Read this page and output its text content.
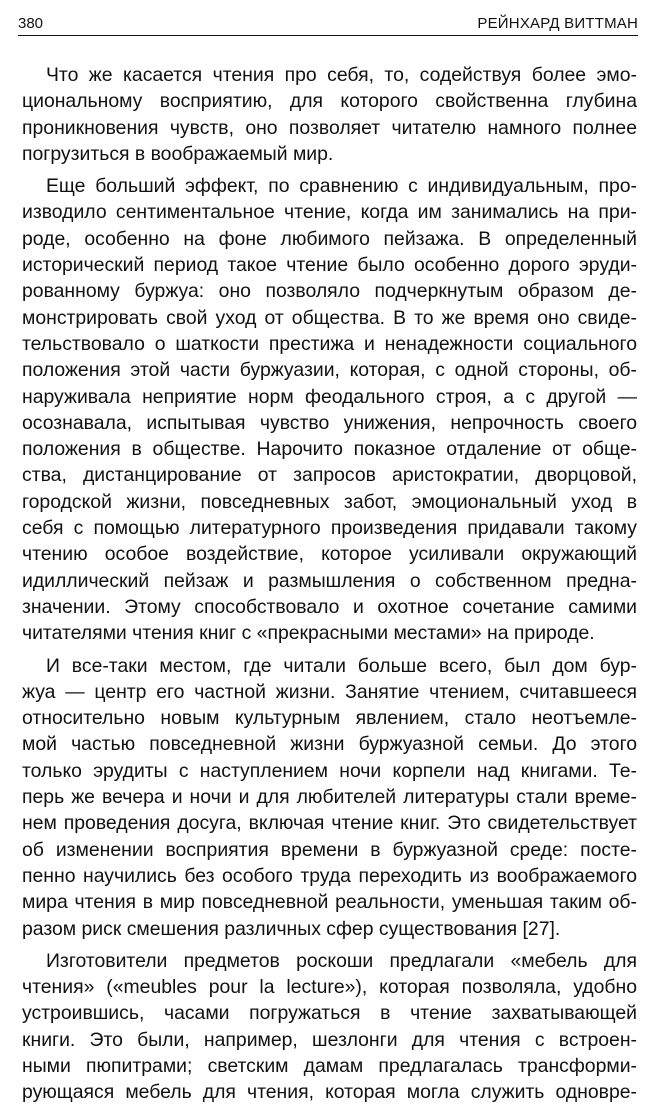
380	РЕЙНХАРД ВИТТМАН
Что же касается чтения про себя, то, содействуя более эмо-
циональному восприятию, для которого свойственна глубина
проникновения чувств, оно позволяет читателю намного полнее
погрузиться в воображаемый мир.
Еще больший эффект, по сравнению с индивидуальным, про-
изводило сентиментальное чтение, когда им занимались на при-
роде, особенно на фоне любимого пейзажа. В определенный
исторический период такое чтение было особенно дорого эруди-
рованному буржуа: оно позволяло подчеркнутым образом де-
монстрировать свой уход от общества. В то же время оно свиде-
тельствовало о шаткости престижа и ненадежности социального
положения этой части буржуазии, которая, с одной стороны, об-
наруживала неприятие норм феодального строя, а с другой —
осознавала, испытывая чувство унижения, непрочность своего
положения в обществе. Нарочито показное отдаление от обще-
ства, дистанцирование от запросов аристократии, дворцовой,
городской жизни, повседневных забот, эмоциональный уход в
себя с помощью литературного произведения придавали такому
чтению особое воздействие, которое усиливали окружающий
идиллический пейзаж и размышления о собственном предна-
значении. Этому способствовало и охотное сочетание самими
читателями чтения книг с «прекрасными местами» на природе.
И все-таки местом, где читали больше всего, был дом бур-
жуа — центр его частной жизни. Занятие чтением, считавшееся
относительно новым культурным явлением, стало неотъемле-
мой частью повседневной жизни буржуазной семьи. До этого
только эрудиты с наступлением ночи корпели над книгами. Те-
перь же вечера и ночи и для любителей литературы стали време-
нем проведения досуга, включая чтение книг. Это свидетельствует
об изменении восприятия времени в буржуазной среде: посте-
пенно научились без особого труда переходить из воображаемого
мира чтения в мир повседневной реальности, уменьшая таким об-
разом риск смешения различных сфер существования [27].
Изготовители предметов роскоши предлагали «мебель для
чтения» («meubles pour la lecture»), которая позволяла, удобно
устроившись, часами погружаться в чтение захватывающей
книги. Это были, например, шезлонги для чтения с встроен-
ными пюпитрами; светским дамам предлагалась трансформи-
рующаяся мебель для чтения, которая могла служить одновре-
